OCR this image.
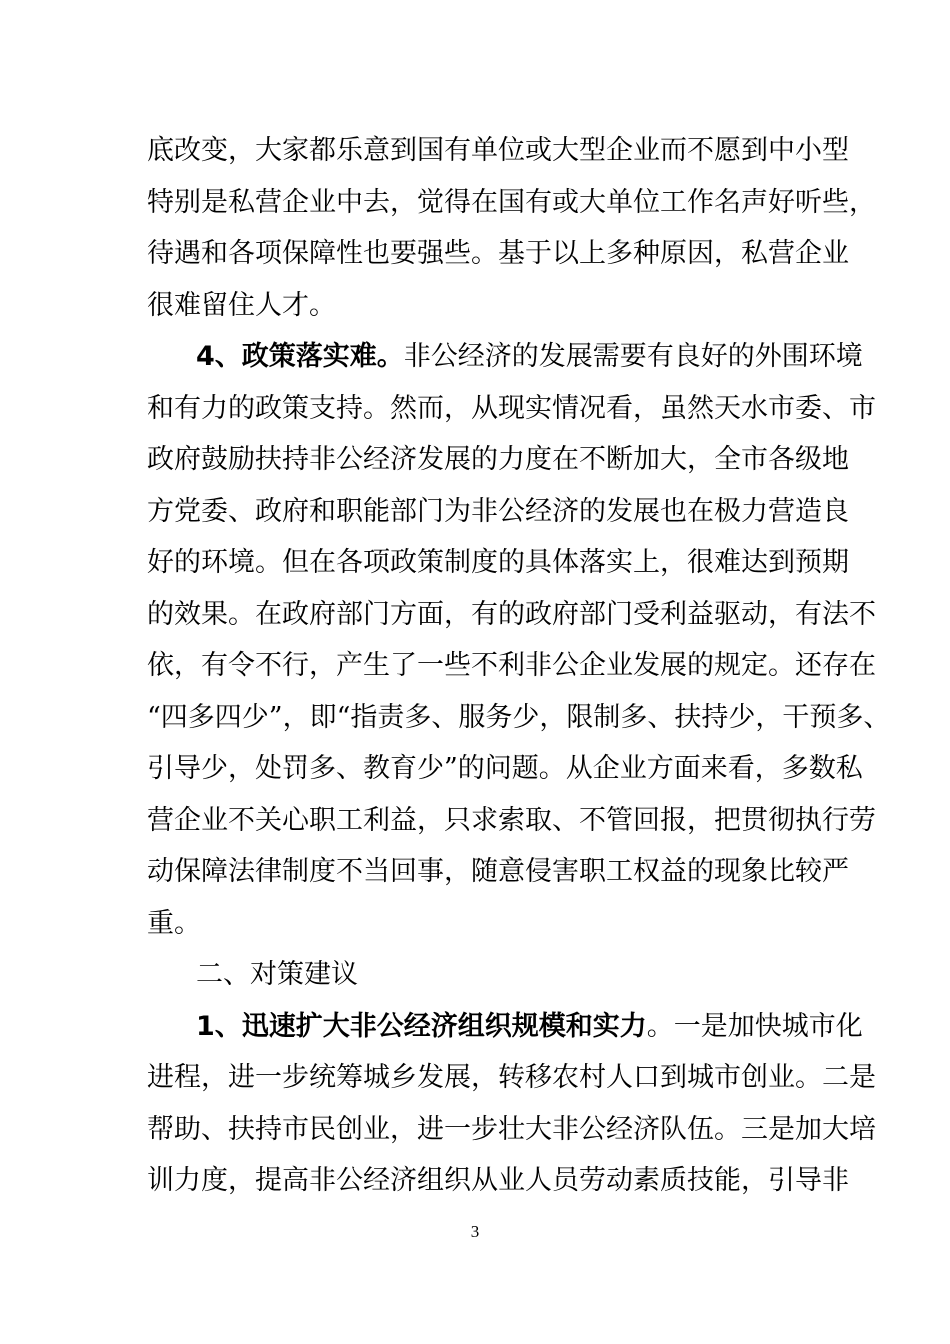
底改变，大家都乐意到国有单位或大型企业而不愿到中小型
特别是私营企业中去，觉得在国有或大单位工作名声好听些，
待遇和各项保障性也要强些。基于以上多种原因，私营企业
很难留住人才。
4、政策落实难。非公经济的发展需要有良好的外围环境
和有力的政策支持。然而，从现实情况看，虽然天水市委、市
政府鼓励扶持非公经济发展的力度在不断加大，全市各级地
方党委、政府和职能部门为非公经济的发展也在极力营造良
好的环境。但在各项政策制度的具体落实上，很难达到预期
的效果。在政府部门方面，有的政府部门受利益驱动，有法不
依，有令不行，产生了一些不利非公企业发展的规定。还存在
“四多四少”，即“指责多、服务少，限制多、扶持少，干预多、
引导少，处罚多、教育少”的问题。从企业方面来看，多数私
营企业不关心职工利益，只求索取、不管回报，把贯彻执行劳
动保障法律制度不当回事，随意侵害职工权益的现象比较严
重。
二、对策建议
1、迅速扩大非公经济组织规模和实力。一是加快城市化
进程，进一步统筹城乡发展，转移农村人口到城市创业。二是
帮助、扶持市民创业，进一步壮大非公经济队伍。三是加大培
训力度，提高非公经济组织从业人员劳动素质技能，引导非
3
